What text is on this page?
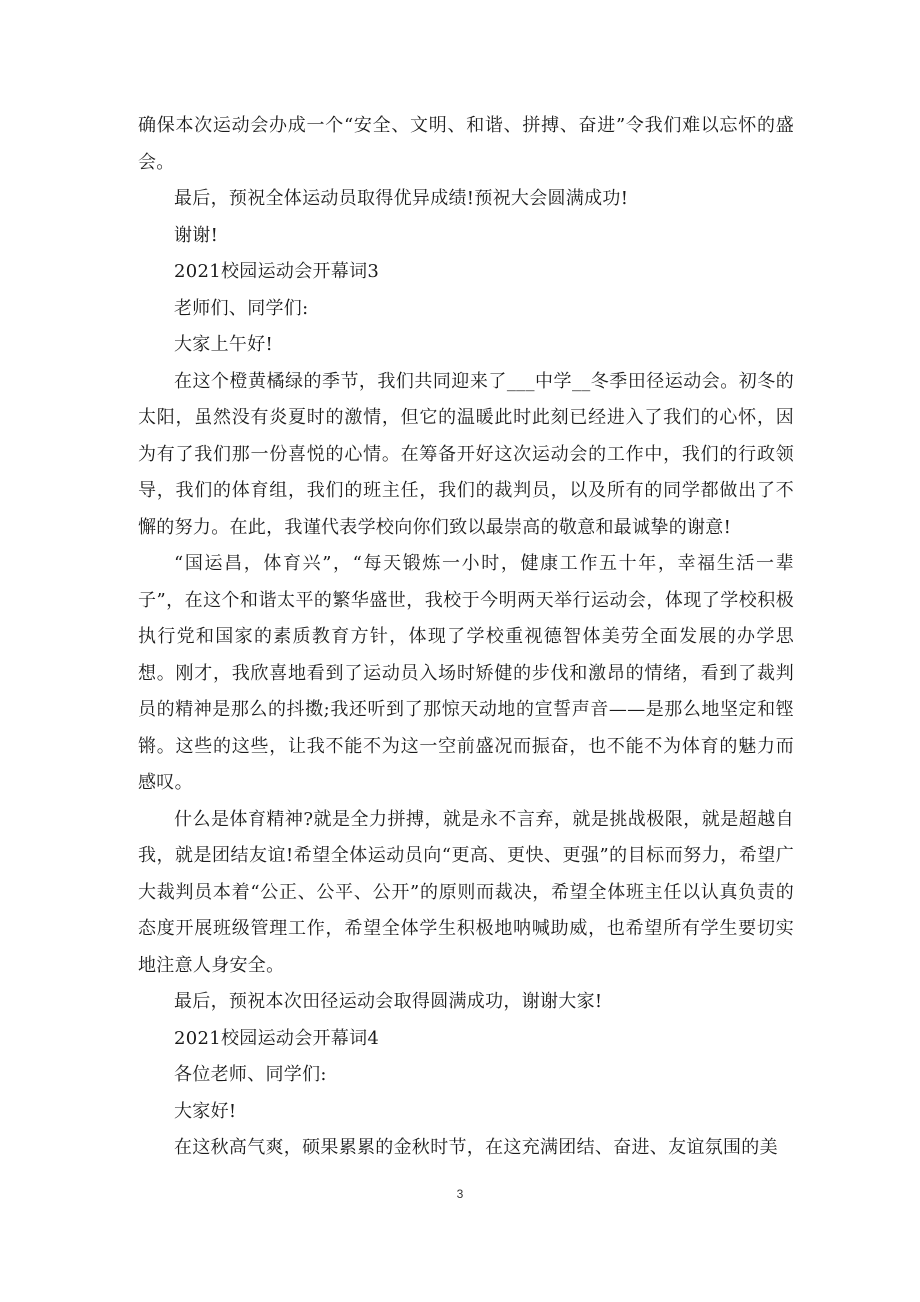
确保本次运动会办成一个“安全、文明、和谐、拼搏、奋进”令我们难以忘怀的盛会。

最后，预祝全体运动员取得优异成绩!预祝大会圆满成功!

谢谢!

2021校园运动会开幕词3

老师们、同学们:

大家上午好!

在这个橙黄橘绿的季节，我们共同迎来了___中学__冬季田径运动会。初冬的太阳，虽然没有炎夏时的激情，但它的温暖此时此刻已经进入了我们的心怀，因为有了我们那一份喜悦的心情。在筹备开好这次运动会的工作中，我们的行政领导，我们的体育组，我们的班主任，我们的裁判员，以及所有的同学都做出了不懈的努力。在此，我谨代表学校向你们致以最崇高的敬意和最诚挚的谢意!

“国运昌，体育兴”，“每天锻炼一小时，健康工作五十年，幸福生活一辈子”，在这个和谐太平的繁华盛世，我校于今明两天举行运动会，体现了学校积极执行党和国家的素质教育方针，体现了学校重视德智体美劳全面发展的办学思想。刚才，我欣喜地看到了运动员入场时矫健的步伐和激昂的情绪，看到了裁判员的精神是那么的抖擞;我还听到了那惊天动地的宣誓声音——是那么地坚定和铿锵。这些的这些，让我不能不为这一空前盛况而振奋，也不能不为体育的魅力而感叹。

什么是体育精神?就是全力拼搏，就是永不言弃，就是挑战极限，就是超越自我，就是团结友谊!希望全体运动员向“更高、更快、更强”的目标而努力，希望广大裁判员本着“公正、公平、公开”的原则而裁决，希望全体班主任以认真负责的态度开展班级管理工作，希望全体学生积极地呐喊助威，也希望所有学生要切实地注意人身安全。

最后，预祝本次田径运动会取得圆满成功，谢谢大家!

2021校园运动会开幕词4

各位老师、同学们:

大家好!

在这秋高气爽，硕果累累的金秋时节，在这充满团结、奋进、友谊氛围的美

3
